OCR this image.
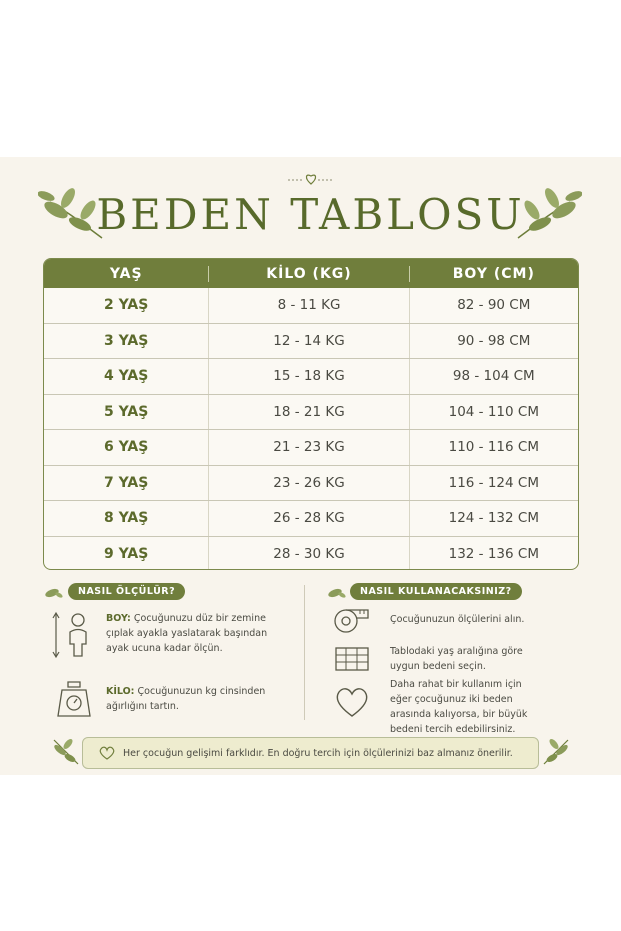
BEDEN TABLOSU
YAŞ	KİLO (KG)	BOY (CM)
2 YAŞ	8 - 11 KG	82 - 90 CM
3 YAŞ	12 - 14 KG	90 - 98 CM
4 YAŞ	15 - 18 KG	98 - 104 CM
5 YAŞ	18 - 21 KG	104 - 110 CM
6 YAŞ	21 - 23 KG	110 - 116 CM
7 YAŞ	23 - 26 KG	116 - 124 CM
8 YAŞ	26 - 28 KG	124 - 132 CM
9 YAŞ	28 - 30 KG	132 - 136 CM
NASIL ÖLÇÜLÜR?
BOY: Çocuğunuzu düz bir zemine çıplak ayakla yaslatarak başından ayak ucuna kadar ölçün.
KİLO: Çocuğunuzun kg cinsinden ağırlığını tartın.
NASIL KULLANACAKSINIZ?
Çocuğunuzun ölçülerini alın.
Tablodaki yaş aralığına göre uygun bedeni seçin.
Daha rahat bir kullanım için eğer çocuğunuz iki beden arasında kalıyorsa, bir büyük bedeni tercih edebilirsiniz.
Her çocuğun gelişimi farklıdır. En doğru tercih için ölçülerinizi baz almanız önerilir.
